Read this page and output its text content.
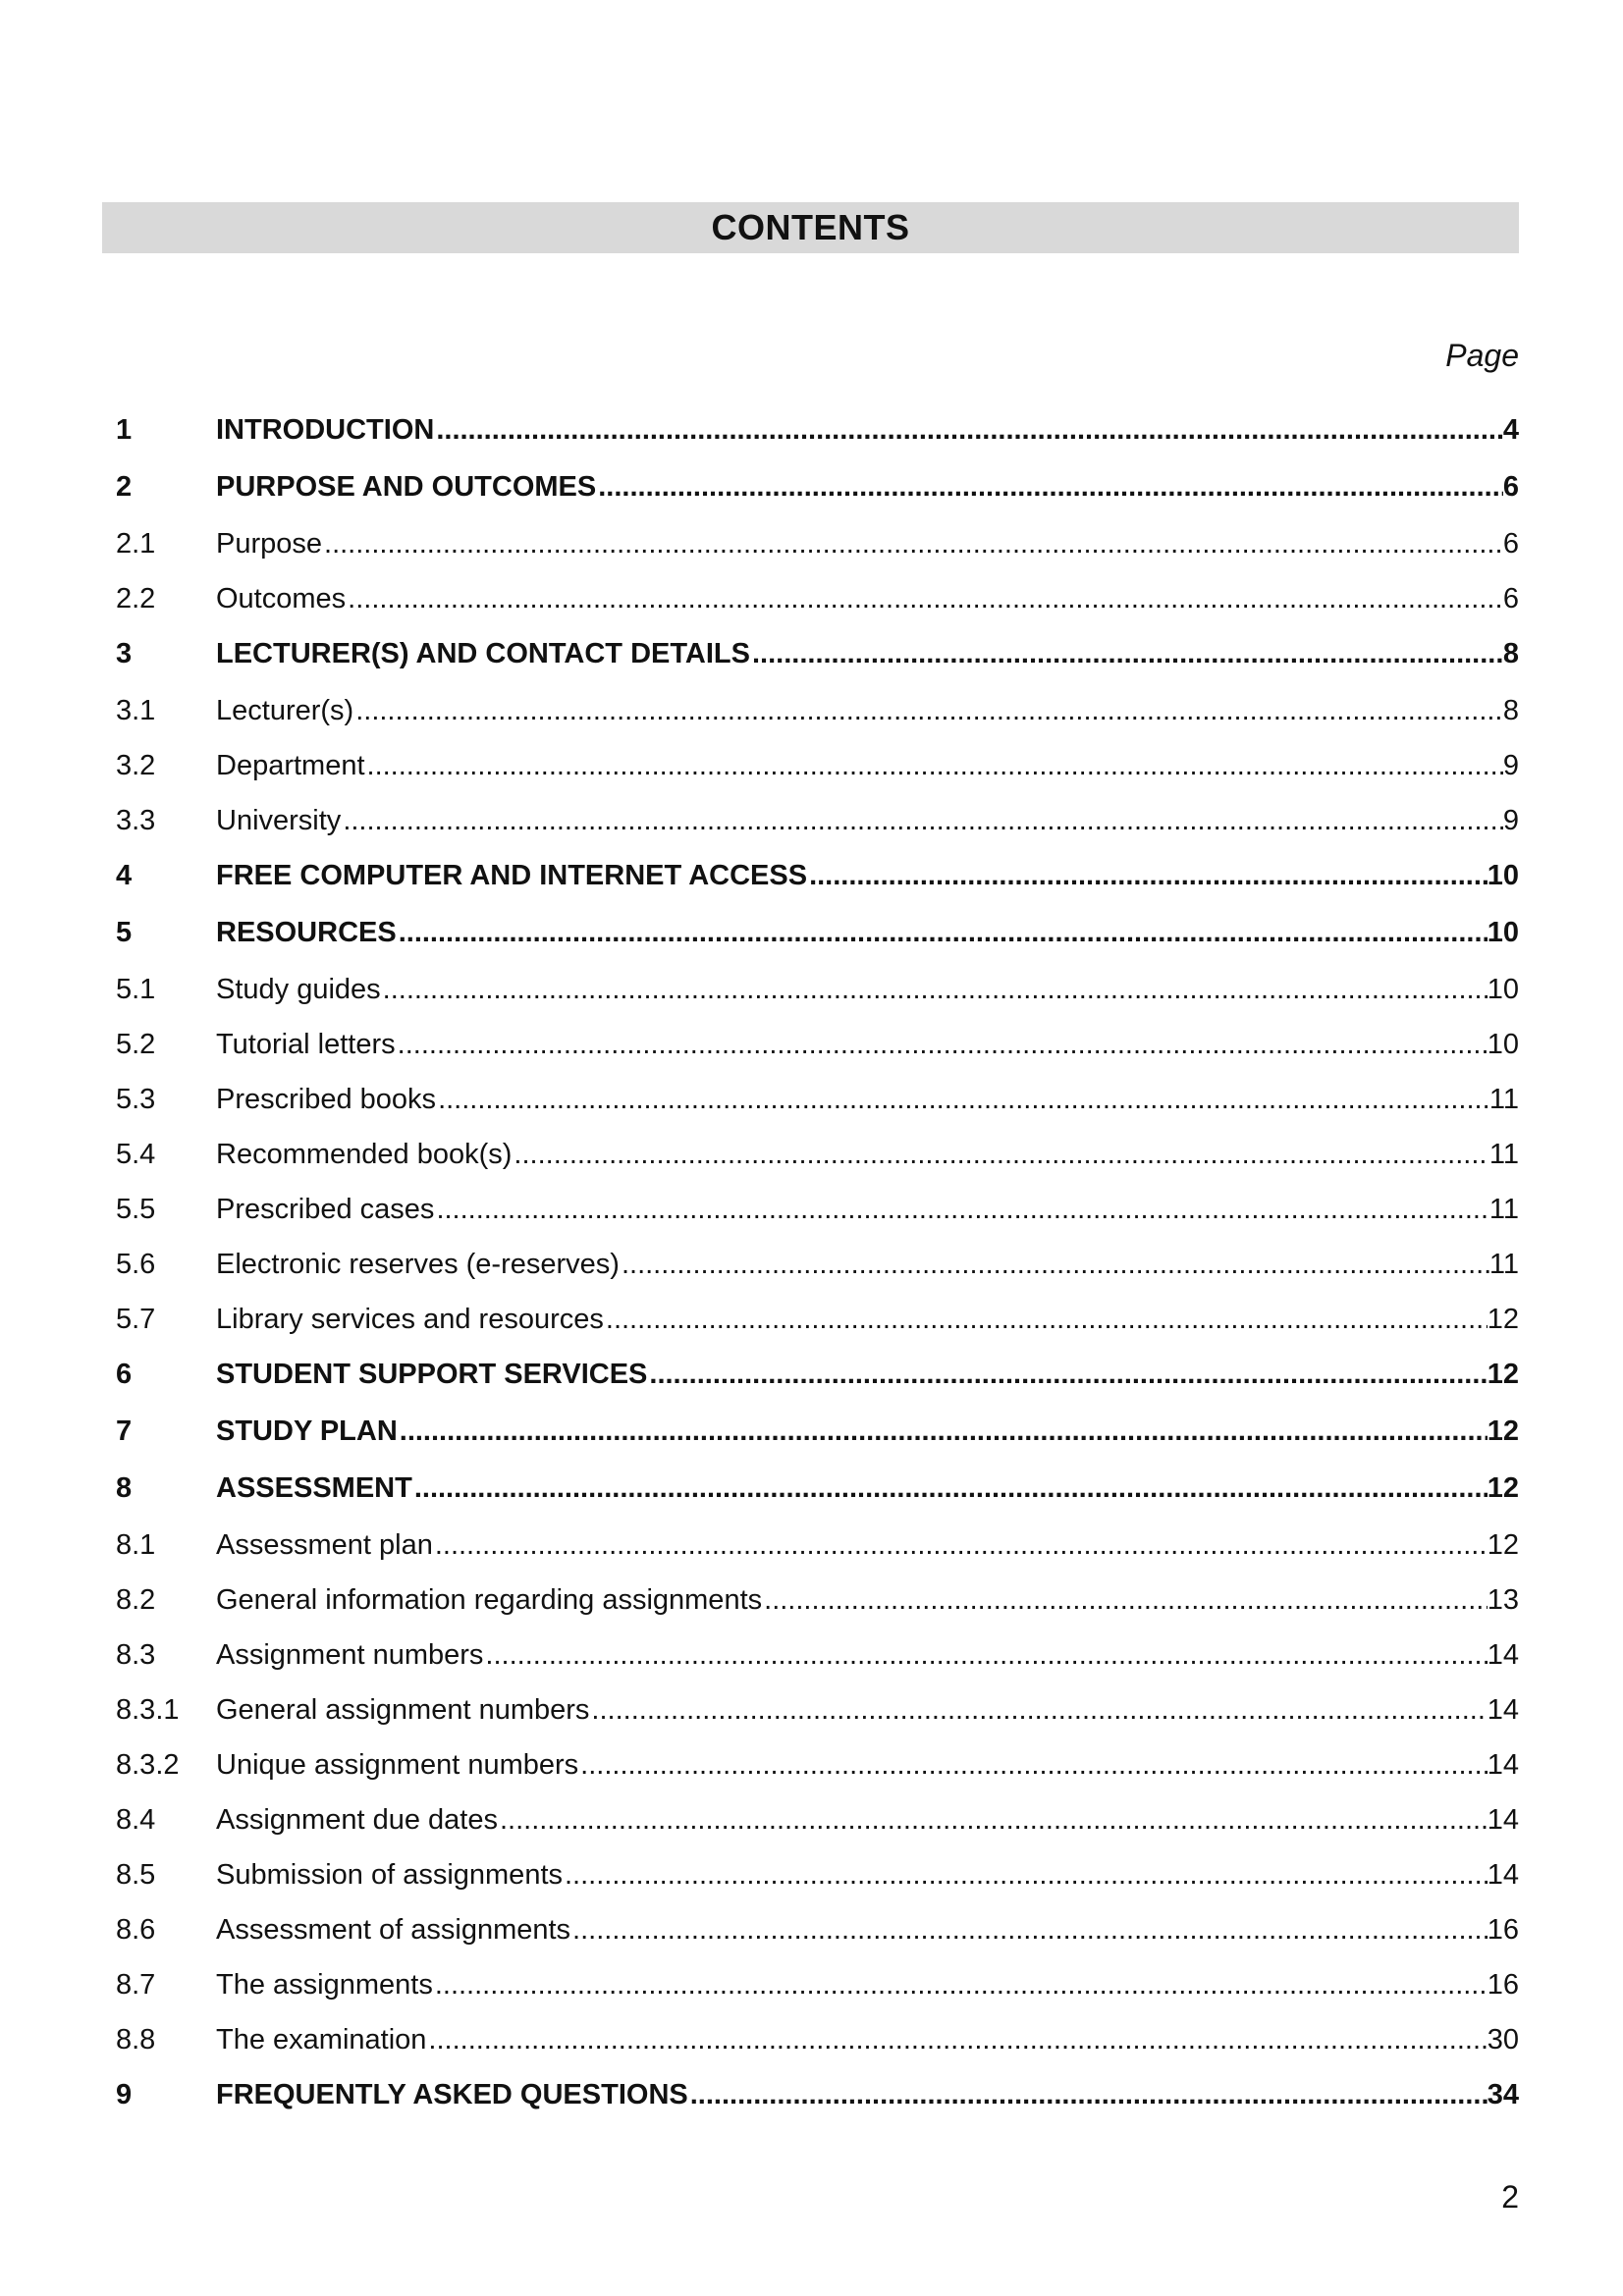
CONTENTS
Page
1	INTRODUCTION .....	4
2	PURPOSE AND OUTCOMES .....	6
2.1	Purpose .....	6
2.2	Outcomes .....	6
3	LECTURER(S) AND CONTACT DETAILS .....	8
3.1	Lecturer(s) .....	8
3.2	Department .....	9
3.3	University .....	9
4	FREE COMPUTER AND INTERNET ACCESS .....	10
5	RESOURCES .....	10
5.1	Study guides .....	10
5.2	Tutorial letters .....	10
5.3	Prescribed books .....	11
5.4	Recommended book(s) .....	11
5.5	Prescribed cases .....	11
5.6	Electronic reserves (e-reserves) .....	11
5.7	Library services and resources .....	12
6	STUDENT SUPPORT SERVICES .....	12
7	STUDY PLAN .....	12
8	ASSESSMENT .....	12
8.1	Assessment plan .....	12
8.2	General information regarding assignments .....	13
8.3	Assignment numbers .....	14
8.3.1	General assignment numbers .....	14
8.3.2	Unique assignment numbers .....	14
8.4	Assignment due dates .....	14
8.5	Submission of assignments .....	14
8.6	Assessment of assignments .....	16
8.7	The assignments .....	16
8.8	The examination .....	30
9	FREQUENTLY ASKED QUESTIONS .....	34
2
